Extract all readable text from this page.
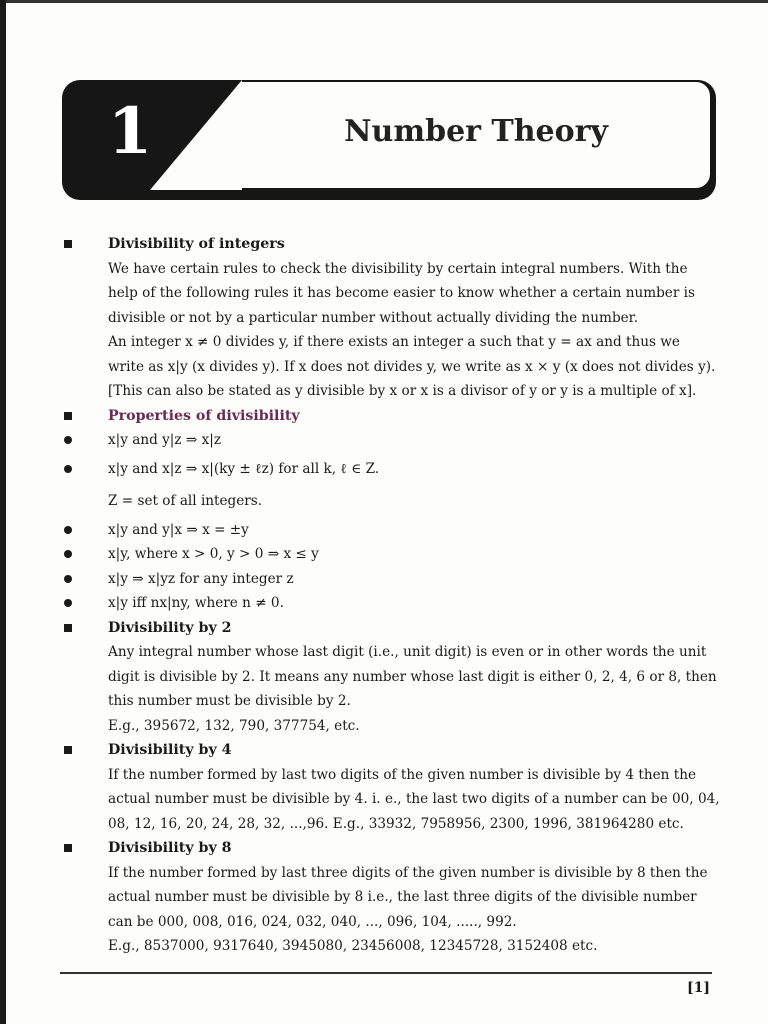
1	Number Theory
Divisibility of integers
We have certain rules to check the divisibility by certain integral numbers. With the help of the following rules it has become easier to know whether a certain number is divisible or not by a particular number without actually dividing the number.
An integer x ≠ 0 divides y, if there exists an integer a such that y = ax and thus we write as x|y (x divides y). If x does not divides y, we write as x × y (x does not divides y).
[This can also be stated as y divisible by x or x is a divisor of y or y is a multiple of x].
Properties of divisibility
x|y and y|z ⇒ x|z
x|y and x|z ⇒ x|(ky ± ℓz) for all k, ℓ ∈ Z.
Z = set of all integers.
x|y and y|x ⇒ x = ±y
x|y, where x > 0, y > 0 ⇒ x ≤ y
x|y ⇒ x|yz for any integer z
x|y iff nx|ny, where n ≠ 0.
Divisibility by 2
Any integral number whose last digit (i.e., unit digit) is even or in other words the unit digit is divisible by 2. It means any number whose last digit is either 0, 2, 4, 6 or 8, then this number must be divisible by 2.
E.g., 395672, 132, 790, 377754, etc.
Divisibility by 4
If the number formed by last two digits of the given number is divisible by 4 then the actual number must be divisible by 4. i. e., the last two digits of a number can be 00, 04, 08, 12, 16, 20, 24, 28, 32, ...,96. E.g., 33932, 7958956, 2300, 1996, 381964280 etc.
Divisibility by 8
If the number formed by last three digits of the given number is divisible by 8 then the actual number must be divisible by 8 i.e., the last three digits of the divisible number can be 000, 008, 016, 024, 032, 040, ..., 096, 104, ....., 992.
E.g., 8537000, 9317640, 3945080, 23456008, 12345728, 3152408 etc.
[1]
